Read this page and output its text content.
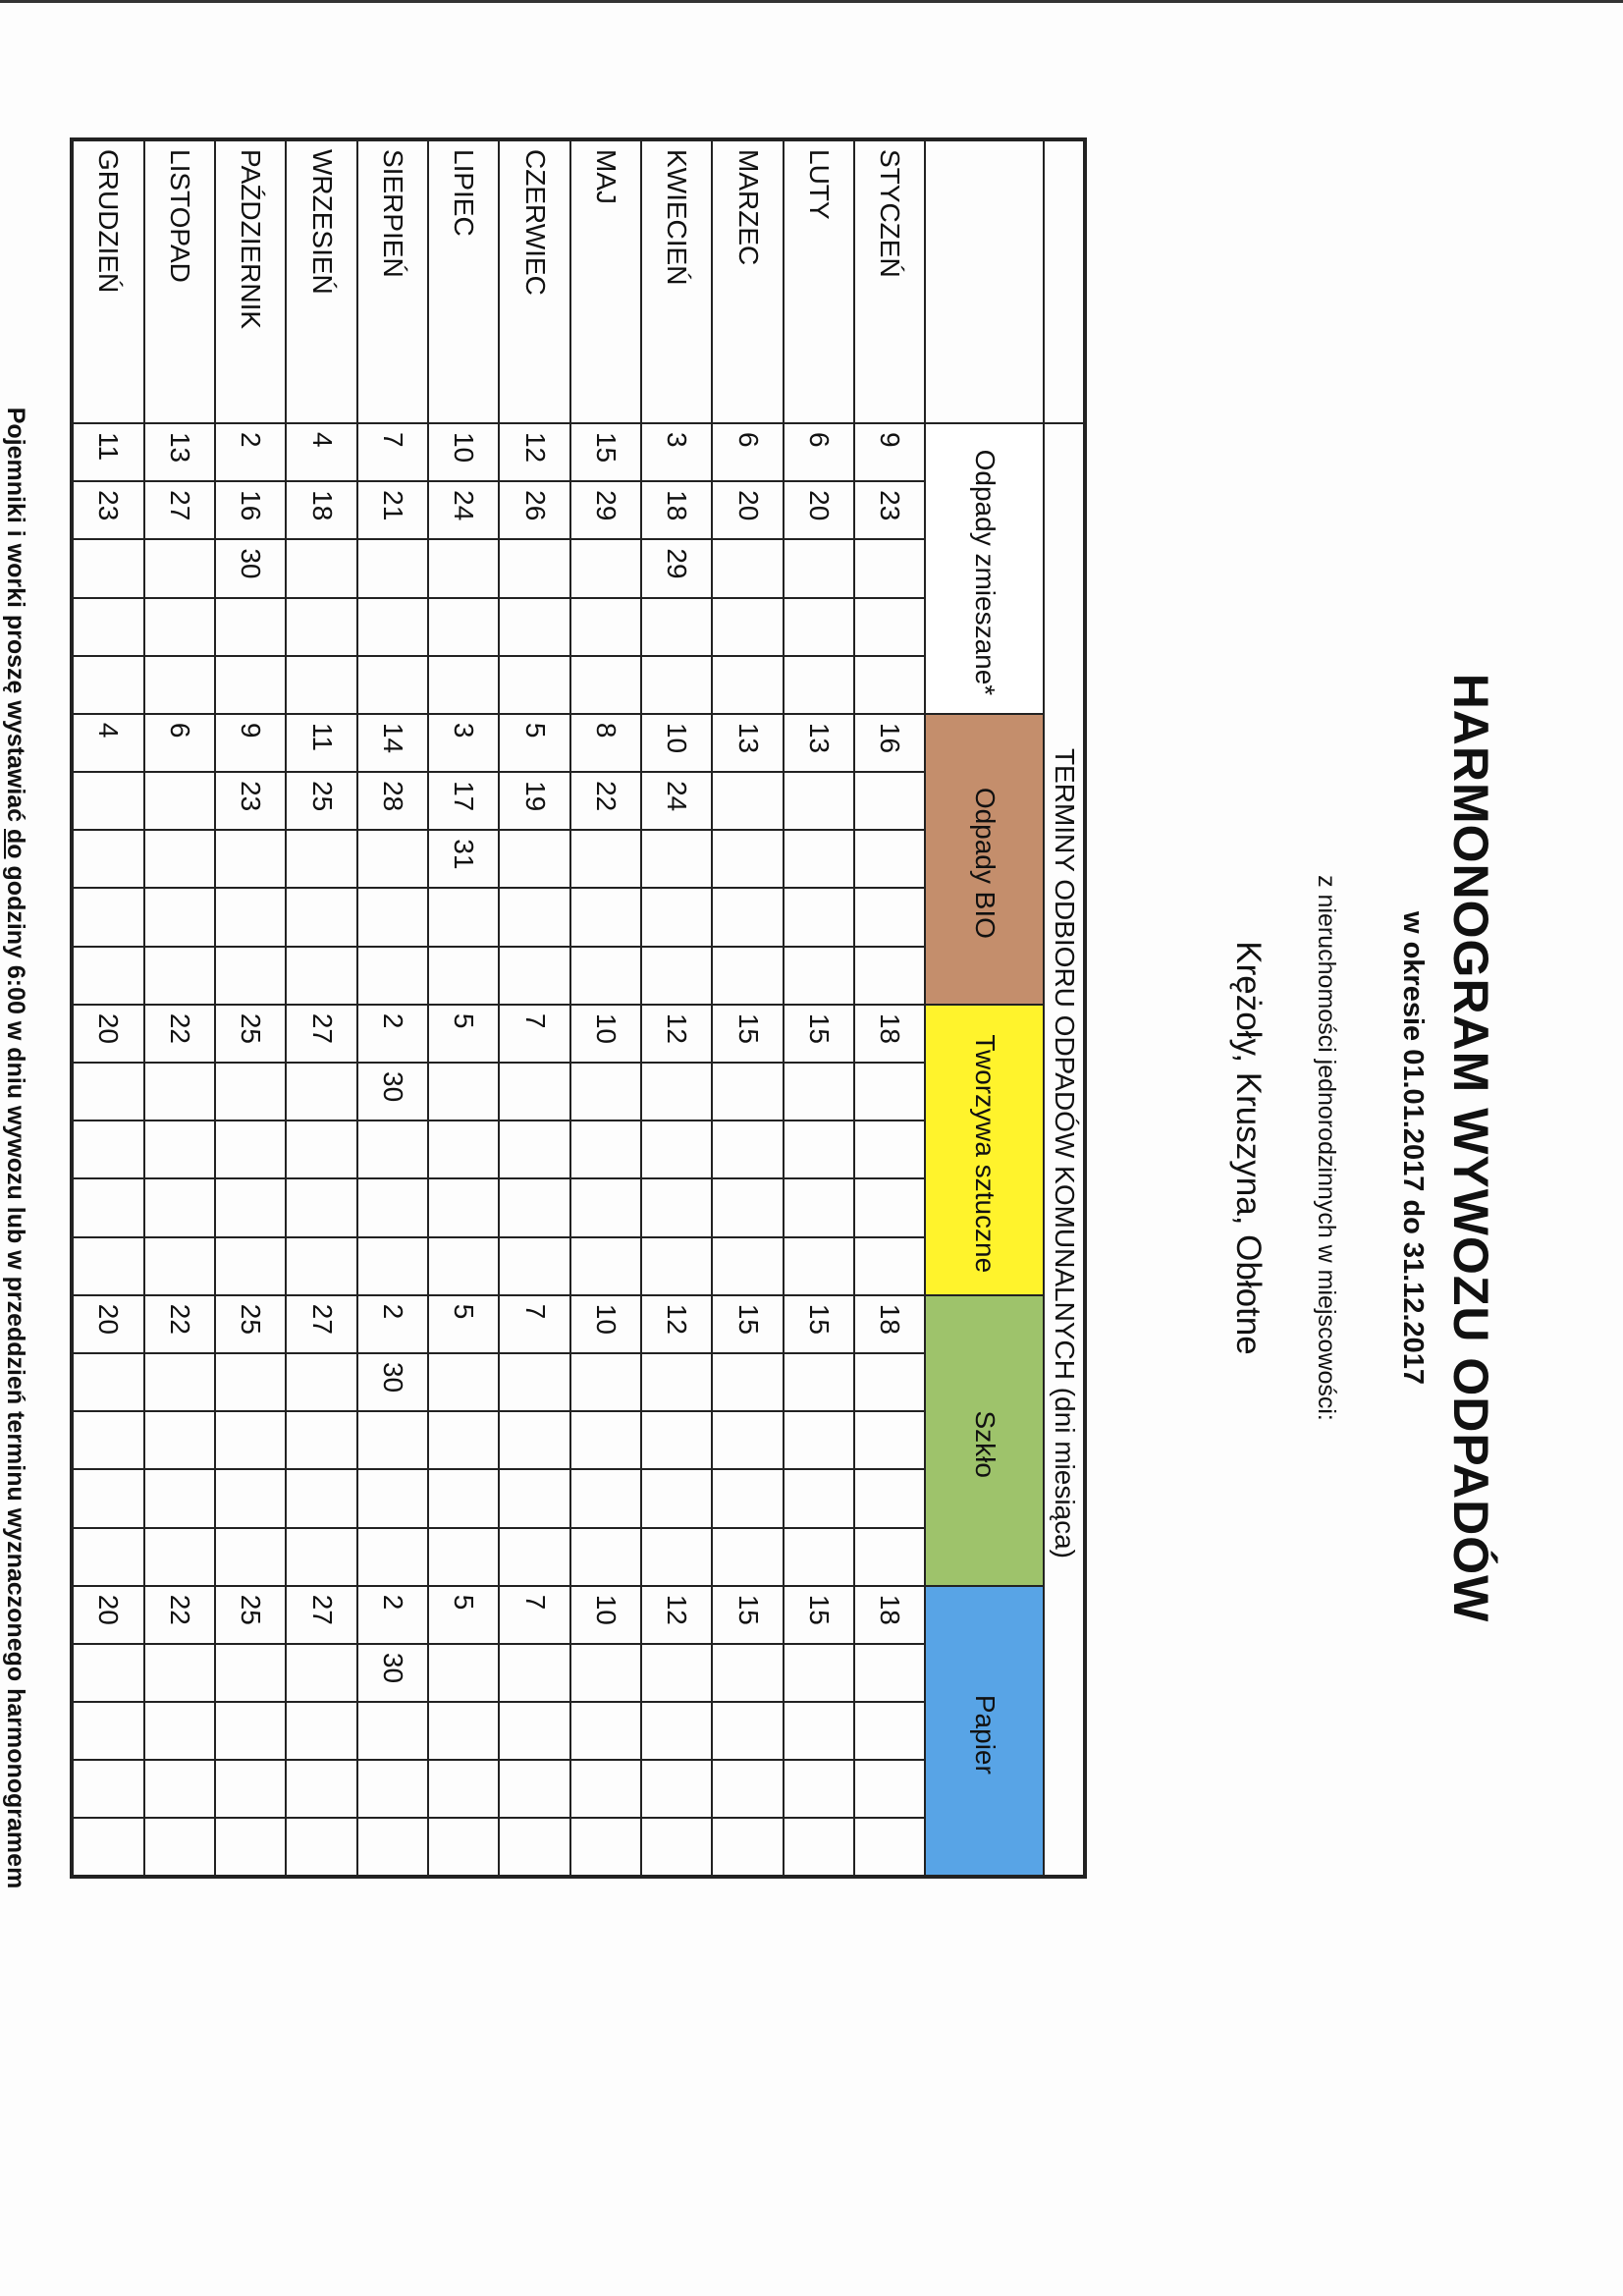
HARMONOGRAM WYWOZU ODPADÓW
w okresie 01.01.2017 do 31.12.2017
z nieruchomości jednorodzinnych w miejscowości:
Krężoły, Kruszyna, Obłotne
	TERMINY ODBIORU ODPADÓW KOMUNALNYCH (dni miesiąca)																								
	Odpady zmieszane*					Odpady BIO					Tworzywa sztuczne					Szkło					Papier				
STYCZEŃ	9	23				16					18					18					18				
LUTY	6	20				13					15					15					15				
MARZEC	6	20				13					15					15					15				
KWIECIEŃ	3	18	29			10	24				12					12					12				
MAJ	15	29				8	22				10					10					10				
CZERWIEC	12	26				5	19				7					7					7				
LIPIEC	10	24				3	17	31			5					5					5				
SIERPIEŃ	7	21				14	28				2	30				2	30				2	30			
WRZESIEŃ	4	18				11	25				27					27					27				
PAŹDZIERNIK	2	16	30			9	23				25					25					25				
LISTOPAD	13	27				6					22					22					22				
GRUDZIEŃ	11	23				4					20					20					20				
Pojemniki i worki proszę wystawiać do godziny 6:00 w dniu wywozu lub w przeddzień terminu wyznaczonego harmonogramem
